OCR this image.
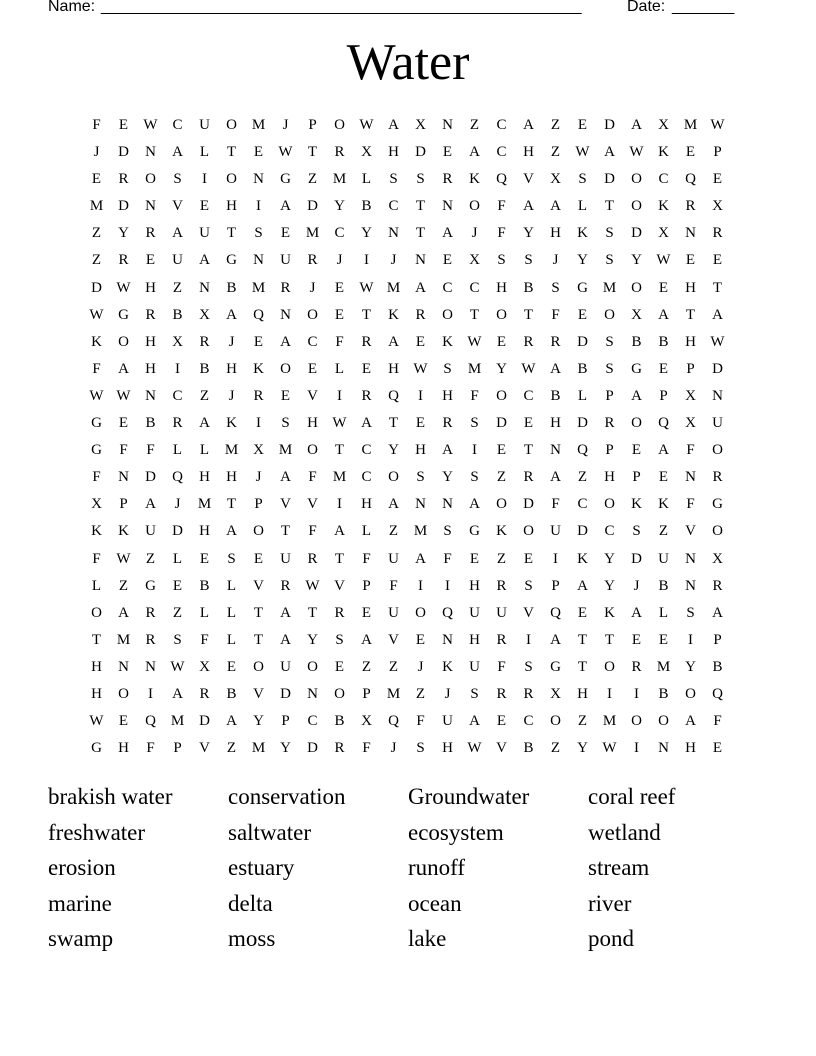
Name: ______________________________________________________	Date: _______
Water
F	E	W C	U	O M	J	P	O W A	X	N	Z	C	A	Z	E	D	A	X M W
J	D	N	A	L	T	E	W	T	R	X	H	D	E	A	C	H	Z	W A W K	E	P
E	R	O	S	I	O	N	G	Z	M	L	S	S	R	K	Q	V	X	S	D	O	C	Q	E
M D	N	V	E	H	I	A	D	Y	B	C	T	N	O	F	A	A	L	T	O	K	R	X
Z	Y	R	A	U	T	S	E	M	C	Y	N	T	A	J	F	Y	H	K	S	D	X	N	R
Z	R	E	U	A	G	N	U	R	J	I	J	N	E	X	S	S	J	Y	S	Y W	E	E
D W H	Z	N	B	M	R	J	E	W M A	C	C	H	B	S	G M O	E	H	T
W G	R	B	X	A	Q	N	O	E	T	K	R	O	T	O	T	F	E	O	X	A	T	A
K	O	H	X	R	J	E	A	C	F	R	A	E	K W	E	R	R	D	S	B	B	H W
F	A	H	I	B	H	K	O	E	L	E	H W	S	M Y W A	B	S	G	E	P	D
W W N	C	Z	J	R	E	V	I	R	Q	I	H	F	O	C	B	L	P	A	P	X	N
G	E	B	R	A	K	I	S	H W A	T	E	R	S	D	E	H	D	R	O	Q	X	U
G	F	F	L	L	M X M O	T	C	Y	H	A	I	E	T	N	Q	P	E	A	F	O
F	N	D	Q	H	H	J	A	F	M	C	O	S	Y	S	Z	R	A	Z	H	P	E	N	R
X	P	A	J	M	T	P	V	V	I	H	A	N	N	A	O	D	F	C	O	K	K	F	G
K	K	U	D	H	A	O	T	F	A	L	Z	M	S	G	K	O	U	D	C	S	Z	V	O
F	W	Z	L	E	S	E	U	R	T	F	U	A	F	E	Z	E	I	K	Y	D	U	N	X
L	Z	G	E	B	L	V	R W V	P	F	I	I	H	R	S	P	A	Y	J	B	N	R
O	A	R	Z	L	L	T	A	T	R	E	U	O	Q	U	U	V	Q	E	K	A	L	S	A
T	M	R	S	F	L	T	A	Y	S	A	V	E	N	H	R	I	A	T	T	E	E	I	P
H	N	N W X	E	O	U	O	E	Z	Z	J	K	U	F	S	G	T	O	R	M Y	B
H	O	I	A	R	B	V	D	N	O	P	M	Z	J	S	R	R	X	H	I	I	B	O	Q
W	E	Q M D	A	Y	P	C	B	X	Q	F	U	A	E	C	O	Z	M O	O	A	F
G	H	F	P	V	Z	M Y	D	R	F	J	S	H W V	B	Z	Y W	I	N	H	E
brakish water	conservation	Groundwater	coral reef
freshwater	saltwater	ecosystem	wetland
erosion	estuary	runoff	stream
marine	delta	ocean	river
swamp	moss	lake	pond
